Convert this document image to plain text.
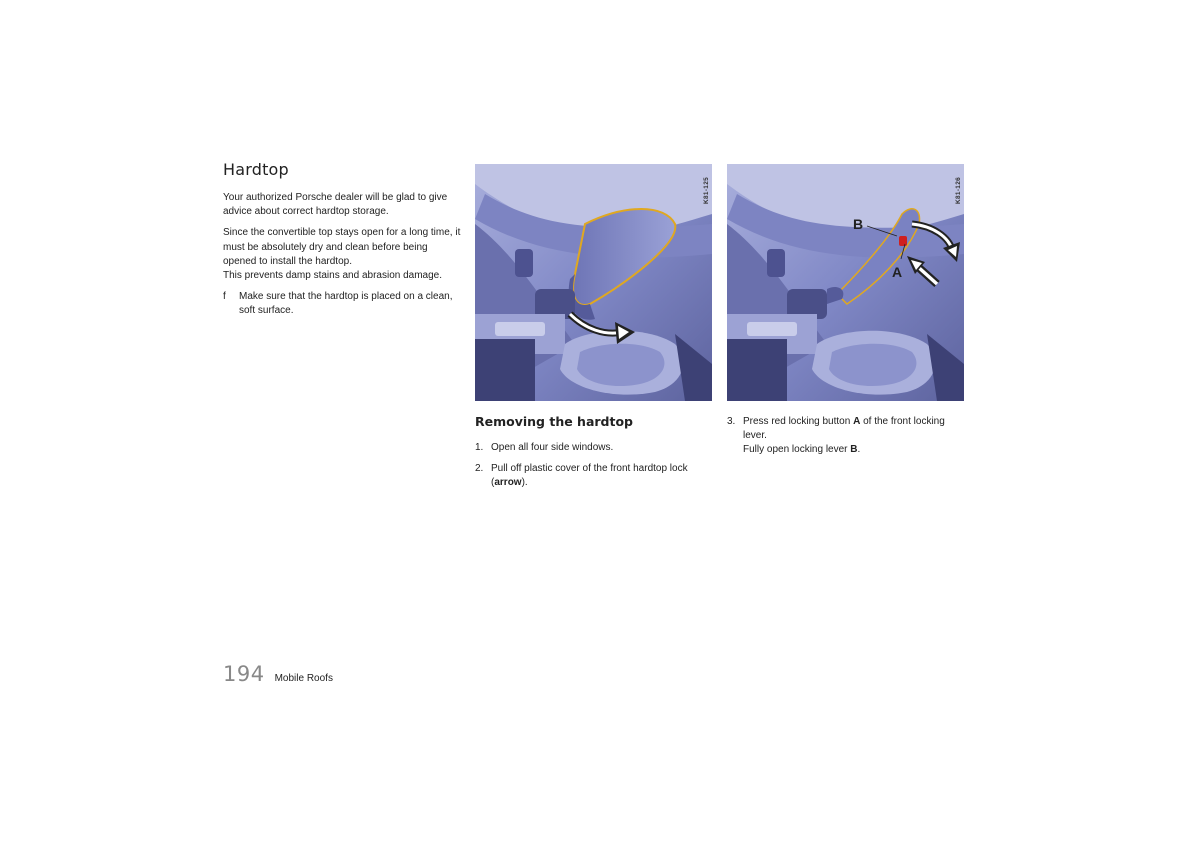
Hardtop

Your authorized Porsche dealer will be glad to give advice about correct hardtop storage.

Since the convertible top stays open for a long time, it must be absolutely dry and clean before being opened to install the hardtop.
This prevents damp stains and abrasion damage.

f	Make sure that the hardtop is placed on a clean, soft surface.
K81-125
B
A
K81-126
Removing the hardtop
1. Open all four side windows.
2. Pull off plastic cover of the front hardtop lock (arrow).
3. Press red locking button A of the front locking lever.
Fully open locking lever B.
194 Mobile Roofs
